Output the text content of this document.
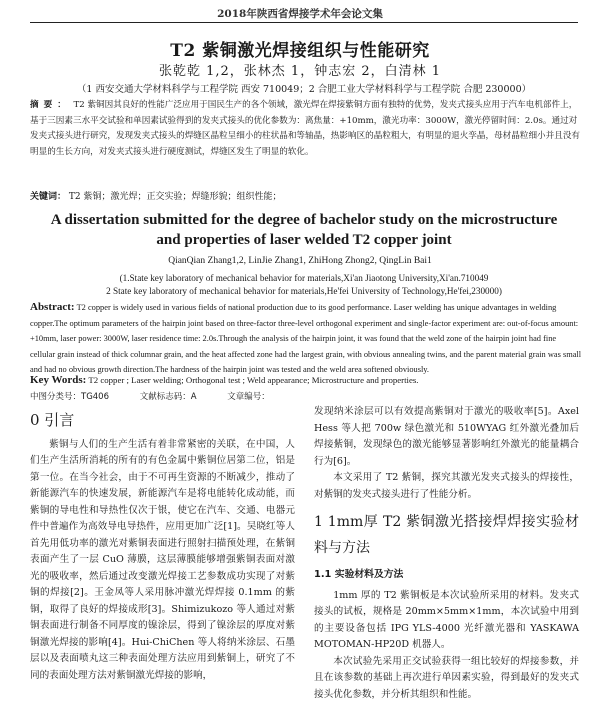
2018年陕西省焊接学术年会论文集
T2 紫铜激光焊接组织与性能研究
张乾乾 1,2，张林杰 1，钟志宏 2，白清林 1
（1 西安交通大学材料科学与工程学院 西安 710049；2 合肥工业大学材料科学与工程学院 合肥 230000）
摘要： T2 紫铜因其良好的性能广泛应用于国民生产的各个领域，激光焊在焊接紫铜方面有独特的优势，发夹式接头应用于汽车电机部件上，基于三因素三水平交试验和单因素试验得到的发夹式接头的优化参数为：离焦量：+10mm，激光功率：3000W，激光停留时间：2.0s。通过对发夹式接头进行研究，发现发夹式接头的焊缝区晶粒呈细小的柱状晶和等轴晶，热影响区的晶粒粗大，有明显的退火孪晶，母材晶粒细小并且没有明显的生长方向，对发夹式接头进行硬度测试，焊缝区发生了明显的软化。
关键词： T2 紫铜；激光焊；正交实验；焊缝形貌；组织性能；
A dissertation submitted for the degree of bachelor study on the microstructure and properties of laser welded T2 copper joint
QianQian Zhang1,2, LinJie Zhang1, ZhiHong Zhong2, QingLin Bai1
(1.State key laboratory of mechanical behavior for materials,Xi'an Jiaotong University,Xi'an.710049
2 State key laboratory of mechanical behavior for materials,He'fei University of Technology,He'fei,230000)
Abstract: T2 copper is widely used in various fields of national production due to its good performance. Laser welding has unique advantages in welding copper.The optimum parameters of the hairpin joint based on three-factor three-level orthogonal experiment and single-factor experiment are: out-of-focus amount: +10mm, laser power: 3000W, laser residence time: 2.0s.Through the analysis of the hairpin joint, it was found that the weld zone of the hairpin joint had fine cellular grain instead of thick columnar grain, and the heat affected zone had the largest grain, with obvious annealing twins, and the parent material grain was small and had no obvious growth direction.The hardness of the hairpin joint was tested and the weld area softened obviously.
Key Words: T2 copper ; Laser welding; Orthogonal test ; Weld appearance; Microstructure and properties.
中图分类号：TG406	文献标志码：A	文章编号：

0 引言

紫铜与人们的生产生活有着非常紧密的关联，在中国，人们生产生活所消耗的所有的有色金属中紫铜位居第二位，铝是第一位。在当今社会，由于不可再生资源的不断减少，推动了新能源汽车的快速发展，新能源汽车是将电能转化成动能，而紫铜的导电性和导热性仅次于银，使它在汽车、交通、电器元件中普遍作为高效导电导热件，应用更加广泛[1]。吴晓红等人首先用低功率的激光对紫铜表面进行照射扫描预处理，在紫铜表面产生了一层 CuO 薄膜，这层薄膜能够增强紫铜表面对激光的吸收率，然后通过改变激光焊接工艺参数成功实现了对紫铜的焊接[2]。王金凤等人采用脉冲激光焊焊接 0.1mm 的紫铜，取得了良好的焊接成形[3]。Shimizukozo 等人通过对紫铜表面进行制备不同厚度的镍涂层，得到了镍涂层的厚度对紫铜激光焊接的影响[4]。Hui-ChiChen 等人将纳米涂层、石墨层以及表面喷丸这三种表面处理方法应用到紫铜上，研究了不同的表面处理方法对紫铜激光焊接的影响，

发现纳米涂层可以有效提高紫铜对于激光的吸收率[5]。Axel Hess 等人把 700w 绿色激光和 510WYAG 红外激光叠加后焊接紫铜，发现绿色的激光能够显著影响红外激光的能量耦合行为[6]。

本文采用了 T2 紫铜，探究其激光发夹式接头的焊接性，对紫铜的发夹式接头进行了性能分析。

1 1mm厚 T2 紫铜激光搭接焊焊接实验材料与方法

1.1 实验材料及方法

1mm 厚的 T2 紫铜板是本次试验所采用的材料。发夹式接头的试板，规格是 20mm×5mm×1mm，本次试验中用到的主要设备包括 IPG YLS-4000 光纤激光器和 YASKAWA MOTOMAN-HP20D 机器人。

本次试验先采用正交试验获得一组比较好的焊接参数，并且在该参数的基础上再次进行单因素实验，得到最好的发夹式接头优化参数，并分析其组织和性能。
